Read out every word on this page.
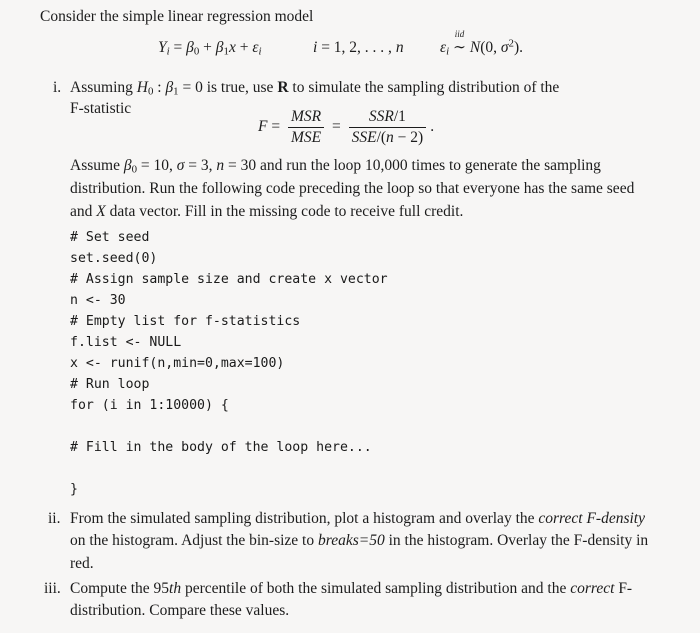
Consider the simple linear regression model
$Y_i = \beta_0 + \beta_1x + \varepsilon_i$	i = 1, 2, . . . , n $\varepsilon_i$
iid
∼ N(0, $\sigma^2$).
i. Assuming $H_0$ : $\beta_1 = 0$ is true, use R to simulate the sampling distribution of the
F-statistic
$F = \frac{\text{MSR}}{\text{MSE}} = \frac{\text{SSR/1}}{\text{SSE/(n − 2)}}$ .
Assume $\beta_0 = 10$, σ = 3, n = 30 and run the loop 10,000 times to generate the sampling distribution. Run the following code preceding the loop so that everyone has the same seed and X data vector. Fill in the missing code to receive full credit.
# Set seed
set.seed(0)
# Assign sample size and create x vector
n <- 30
# Empty list for f-statistics
f.list <- NULL
x <- runif(n,min=0,max=100)
# Run loop
for (i in 1:10000) {
# Fill in the body of the loop here...
}
ii. From the simulated sampling distribution, plot a histogram and overlay the correct F-density on the histogram. Adjust the bin-size to breaks=50 in the histogram. Overlay the F-density in red.
iii. Compute the 95th percentile of both the simulated sampling distribution and the correct F-distribution. Compare these values.
